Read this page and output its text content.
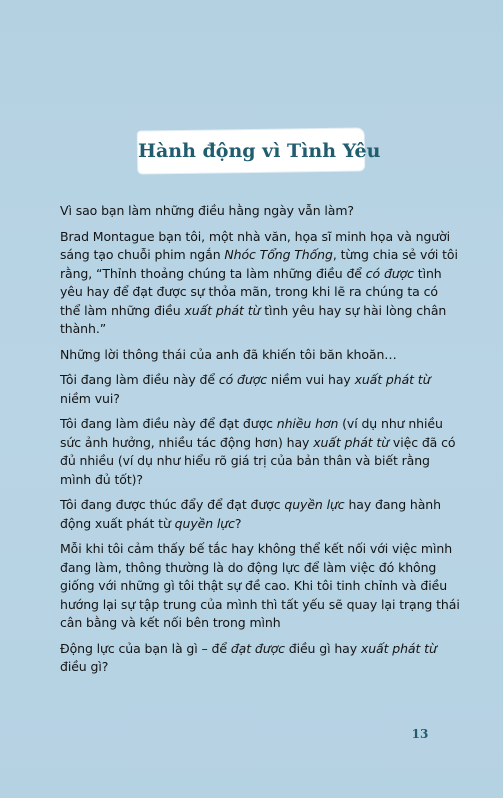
Hành động vì Tình Yêu

Vì sao bạn làm những điều hằng ngày vẫn làm?

Brad Montague bạn tôi, một nhà văn, họa sĩ minh họa và người sáng tạo chuỗi phim ngắn Nhóc Tổng Thống, từng chia sẻ với tôi rằng, “Thỉnh thoảng chúng ta làm những điều để có được tình yêu hay để đạt được sự thỏa mãn, trong khi lẽ ra chúng ta có thể làm những điều xuất phát từ tình yêu hay sự hài lòng chân thành.”

Những lời thông thái của anh đã khiến tôi băn khoăn…

Tôi đang làm điều này để có được niềm vui hay xuất phát từ niềm vui?

Tôi đang làm điều này để đạt được nhiều hơn (ví dụ như nhiều sức ảnh hưởng, nhiều tác động hơn) hay xuất phát từ việc đã có đủ nhiều (ví dụ như hiểu rõ giá trị của bản thân và biết rằng mình đủ tốt)?

Tôi đang được thúc đẩy để đạt được quyền lực hay đang hành động xuất phát từ quyền lực?

Mỗi khi tôi cảm thấy bế tắc hay không thể kết nối với việc mình đang làm, thông thường là do động lực để làm việc đó không giống với những gì tôi thật sự đề cao. Khi tôi tinh chỉnh và điều hướng lại sự tập trung của mình thì tất yếu sẽ quay lại trạng thái cân bằng và kết nối bên trong mình

Động lực của bạn là gì – để đạt được điều gì hay xuất phát từ điều gì?

13
